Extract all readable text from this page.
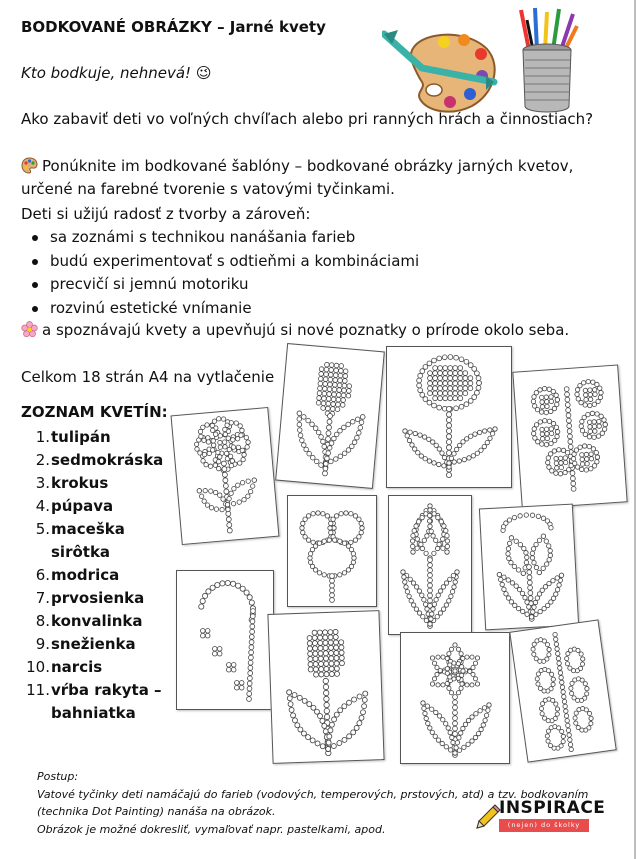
BODKOVANÉ OBRÁZKY – Jarné kvety
Kto bodkuje, nehnevá! 😉
Ako zabaviť deti vo voľných chvíľach alebo pri ranných hrách a činnostiach?
Ponúknite im bodkované šablóny – bodkované obrázky jarných kvetov,
určené na farebné tvorenie s vatovými tyčinkami.
Deti si užijú radosť z tvorby a zároveň:
sa zoznámi s technikou nanášania farieb
budú experimentovať s odtieňmi a kombináciami
precvičí si jemnú motoriku
rozvinú estetické vnímanie
a spoznávajú kvety a upevňujú si nové poznatky o prírode okolo seba.
Celkom 18 strán A4 na vytlačenie
ZOZNAM KVETÍN:
1. tulipán
2. sedmokráska
3. krokus
4. púpava
5. maceška sirôtka
6. modrica
7. prvosienka
8. konvalinka
9. snežienka
10. narcis
11. vŕba rakyta – bahniatka
Postup:
Vatové tyčinky deti namáčajú do farieb (vodových, temperových, prstových, atd) a tzv. bodkovaním
(technika Dot Painting) nanáša na obrázok.
Obrázok je možné dokresliť, vymaľovať napr. pastelkami, apod.
INSPIRACE
(nejen) do školky
